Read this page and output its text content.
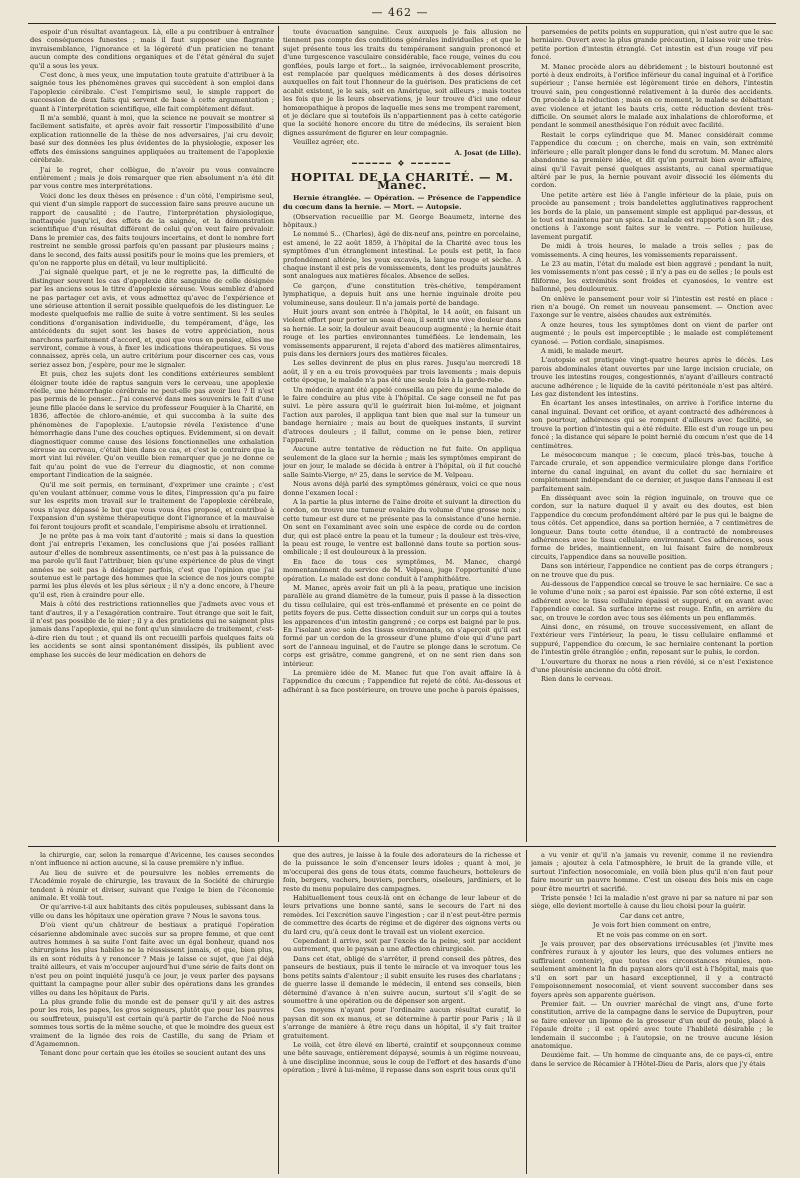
— 462 —

espoir d'un résultat avantageux. Là, elle a pu contribuer à entraîner des conséquences funestes ; mais il faut supposer une flagrante invraisemblance, l'ignorance et la légèreté d'un praticien ne tenant aucun compte des conditions organiques et de l'état général du sujet qu'il a sous les yeux.

C'est donc, à mes yeux, une imputation toute gratuite d'attribuer à la saignée tous les phénomènes graves qui succèdent à son emploi dans l'apoplexie cérébrale. C'est l'empirisme seul, le simple rapport de succession de deux faits qui servent de base à cette argumentation ; quant à l'interprétation scientifique, elle fait complétement défaut.

Il m'a semblé, quant à moi, que la science ne pouvait se montrer si facilement satisfaite, et après avoir fait ressortir l'impossibilité d'une explication rationnelle de la thèse de nos adversaires, j'ai cru devoir, basé sur des données les plus évidentes de la physiologie, exposer les effets des émissions sanguines appliquées au traitement de l'apoplexie cérébrale.

J'ai le regret, cher collègue, de n'avoir pu vous convaincre entièrement ; mais je dois remarquer que rien absolument n'a été dit par vous contre mes interprétations.

Voici donc les deux thèses en présence : d'un côté, l'empirisme seul, qui vient d'un simple rapport de succession faire sans preuve aucune un rapport de causalité ; de l'autre, l'interprétation physiologique, inattaquée jusqu'ici, des effets de la saignée, et la démonstration scientifique d'un résultat différent de celui qu'on veut faire prévaloir. Dans le premier cas, des faits toujours incertains, et dont le nombre fort restreint ne semble grossi parfois qu'en passant par plusieurs mains ; dans le second, des faits aussi positifs pour le moins que les premiers, et qu'on ne rapporte plus en détail, vu leur multiplicité.

J'ai signalé quelque part, et je ne le regrette pas, la difficulté de distinguer souvent les cas d'apoplexie dite sanguine de celle désignée par les anciens sous le titre d'apoplexie séreuse. Vous semblez d'abord ne pas partager cet avis, et vous admettez qu'avec de l'expérience et une sérieuse attention il serait possible quelquefois de les distinguer. Le modeste quelquefois me rallie de suite à votre sentiment. Si les seules conditions d'organisation individuelle, du tempérament, d'âge, les antécédents du sujet sont les bases de votre appréciation, nous marchons parfaitement d'accord, et, quoi que vous en pensiez, elles me serviront, comme à vous, à fixer les indications thérapeutiques. Si vous connaissez, après cela, un autre critérium pour discerner ces cas, vous seriez assez bon, j'espère, pour me le signaler.

Et puis, chez les sujets dont les conditions extérieures semblent éloigner toute idée de raptus sanguin vers le cerveau, une apoplexie réelle, une hémorrhagie cérébrale ne peut-elle pas avoir lieu ? Il n'est pas permis de le penser... J'ai conservé dans mes souvenirs le fait d'une jeune fille placée dans le service du professeur Fouquier à la Charité, en 1836, affectée de chloro-anémie, et qui succomba à la suite des phénomènes de l'apoplexie. L'autopsie révéla l'existence d'une hémorrhagie dans l'une des couches optiques. Evidemment, si on devait diagnostiquer comme cause des lésions fonctionnelles une exhalation séreuse au cerveau, c'était bien dans ce cas, et c'est le contraire que la mort vint lui révéler. Qu'on veuille bien remarquer que je ne donne ce fait qu'au point de vue de l'erreur du diagnostic, et non comme emportant l'indication de la saignée.

Qu'il me soit permis, en terminant, d'exprimer une crainte ; c'est qu'en voulant atténuer, comme vous le dites, l'impression qu'a pu faire sur les esprits mon travail sur le traitement de l'apoplexie cérébrale, vous n'ayez dépassé le but que vous vous êtes proposé, et contribué à l'expansion d'un système thérapeutique dont l'ignorance et la mauvaise foi feront toujours profit et scandale, l'empirisme absolu et irrationnel.

Je ne prête pas à ma voix tant d'autorité ; mais si dans la question dont j'ai entrepris l'examen, les conclusions que j'ai posées ralliant autour d'elles de nombreux assentiments, ce n'est pas à la puissance de ma parole qu'il faut l'attribuer, bien qu'une expérience de plus de vingt années ne soit pas à dédaigner parfois, c'est que l'opinion que j'ai soutenue est le partage des hommes que la science de nos jours compte parmi les plus élevés et les plus sérieux ; il n'y a donc encore, à l'heure qu'il est, rien à craindre pour elle.

Mais à côté des restrictions rationnelles que j'admets avec vous et tant d'autres, il y a l'exagération contraire. Tout étrange que soit le fait, il n'est pas possible de le nier ; il y a des praticiens qui ne saignent plus jamais dans l'apoplexie, qui ne font qu'un simulacre de traitement, c'est-à-dire rien du tout ; et quand ils ont recueilli parfois quelques faits où les accidents se sont ainsi spontanément dissipés, ils publient avec emphase les succès de leur médication en dehors de

toute évacuation sanguine. Ceux auxquels je fais allusion ne tiennent pas compte des conditions générales individuelles ; et que le sujet présente tous les traits du tempérament sanguin prononcé et d'une turgescence vasculaire considérable, face rouge, veines du cou gonflées, pouls large et fort... la saignée, irrévocablement proscrite, est remplacée par quelques médicaments à des doses dérisoires auxquelles on fait tout l'honneur de la guérison. Des praticiens de cet acabit existent, je le sais, soit en Amérique, soit ailleurs ; mais toutes les fois que je lis leurs observations, je leur trouve d'ici une odeur homœopathique à propos de laquelle mes sens me trompent rarement, et je déclare que si toutefois ils n'appartiennent pas à cette catégorie que la société honore encore du titre de médecins, ils seraient bien dignes assurément de figurer en leur compagnie.

Veuillez agréer, etc.

A. Josat (de Lille).
━━━━━━ ❖ ━━━━━━
HOPITAL DE LA CHARITÉ. — M. Manec.

Hernie étranglée. — Opération. — Présence de l'appendice du cœcum dans la hernie. — Mort. — Autopsie.

(Observation recueillie par M. George Beaumetz, interne des hôpitaux.)

Le nommé S... (Charles), âgé de dix-neuf ans, peintre en porcelaine, est amené, le 22 août 1859, à l'hôpital de la Charité avec tous les symptômes d'un étranglement intestinal. Le pouls est petit, la face profondément altérée, les yeux excavés, la langue rouge et sèche. A chaque instant il est pris de vomissements, dont les produits jaunâtres sont analogues aux matières fécales. Absence de selles.

Ce garçon, d'une constitution très-chétive, tempérament lymphatique, a depuis huit ans une hernie inguinale droite peu volumineuse, sans douleur. Il n'a jamais porté de bandage.

Huit jours avant son entrée à l'hôpital, le 14 août, en faisant un violent effort pour porter un seau d'eau, il sentit une vive douleur dans sa hernie. Le soir, la douleur avait beaucoup augmenté ; la hernie était rouge et les parties environnantes tuméfiées. Le lendemain, les vomissements apparurent, il rejeta d'abord des matières alimentaires, puis dans les derniers jours des matières fécales.

Les selles devinrent de plus en plus rares. Jusqu'au mercredi 18 août, il y en a eu trois provoquées par trois lavements ; mais depuis cette époque, le malade n'a pas été une seule fois à la garde-robe.

Un médecin ayant été appelé conseilla au père du jeune malade de le faire conduire au plus vite à l'hôpital. Ce sage conseil ne fut pas suivi. Le père assura qu'il le guérirait bien lui-même, et joignant l'action aux paroles, il appliqua tant bien que mal sur la tumeur un bandage herniaire ; mais au bout de quelques instants, il survint d'atroces douleurs ; il fallut, comme on le pense bien, retirer l'appareil.

Aucune autre tentative de réduction ne fut faite. On appliqua seulement de la glace sur la hernie ; mais les symptômes empirant de jour en jour, le malade se décida à entrer à l'hôpital, où il fut couché salle Sainte-Vierge, nº 25, dans le service de M. Velpeau.

Nous avons déjà parlé des symptômes généraux, voici ce que nous donne l'examen local :

A la partie la plus interne de l'aine droite et suivant la direction du cordon, on trouve une tumeur ovalaire du volume d'une grosse noix ; cette tumeur est dure et ne présente pas la consistance d'une hernie. On sent en l'examinant avec soin une espèce de corde ou de cordon dur, qui est placé entre la peau et la tumeur ; la douleur est très-vive, la peau est rouge, le ventre est ballonné dans toute sa portion sous-ombilicale ; il est douloureux à la pression.

En face de tous ces symptômes, M. Manec, chargé momentanément du service de M. Velpeau, juge l'opportunité d'une opération. Le malade est donc conduit à l'amphithéâtre.

M. Manec, après avoir fait un pli à la peau, pratique une incision parallèle au grand diamètre de la tumeur, puis il passe à la dissection du tissu cellulaire, qui est très-enflammé et présente en ce point de petits foyers de pus. Cette dissection conduit sur un corps qui a toutes les apparences d'un intestin gangrené ; ce corps est baigné par le pus. En l'isolant avec soin des tissus environnants, on s'aperçoit qu'il est formé par un cordon de la grosseur d'une plume d'oie qui d'une part sort de l'anneau inguinal, et de l'autre se plonge dans le scrotum. Ce corps est grisâtre, comme gangrené, et on ne sent rien dans son intérieur.

La première idée de M. Manec fut que l'on avait affaire là à l'appendice du cœcum ; l'appendice fut rejeté de côté. Au-dessous et adhérant à sa face postérieure, on trouve une poche à parois épaisses,

parsemées de petits points en suppuration, qui n'est autre que le sac herniaire. Ouvert avec la plus grande précaution, il laisse voir une très-petite portion d'intestin étranglé. Cet intestin est d'un rouge vif peu foncé.

M. Manec procède alors au débridement ; le bistouri boutonné est porté à deux endroits, à l'orifice inférieur du canal inguinal et à l'orifice supérieur ; l'anse herniée est légèrement tirée en dehors, l'intestin trouvé sain, peu congestionné relativement à la durée des accidents. On procède à la réduction ; mais en ce moment, le malade se débattant avec violence et jetant les bauts cris, cette réduction devient très-difficile. On soumet alors le malade aux inhalations de chloroforme, et pendant le sommeil anesthésique l'on réduit avec facilité.

Restait le corps cylindrique que M. Manec considérait comme l'appendice du cœcum ; on cherche, mais en vain, son extrémité inférieure ; elle paraît plonger dans le fond du scrotum. M. Manec alors abandonne sa première idée, et dit qu'on pourrait bien avoir affaire, ainsi qu'il l'avait pensé quelques assistants, au canal spermatique altéré par le pus, la hernie pouvant avoir dissocié les éléments du cordon.

Une petite artère est liée à l'angle inférieur de la plaie, puis on procède au pansement ; trois bandelettes agglutinatives rapprochent les bords de la plaie, un pansement simple est appliqué par-dessus, et le tout est maintenu par un spica. Le malade est rapporté à son lit ; des onctions à l'axonge sont faites sur le ventre. — Potion huileuse, lavement purgatif.

De midi à trois heures, le malade a trois selles ; pas de vomissements. A cinq heures, les vomissements reparaissent.

Le 23 au matin, l'état du malade est bien aggravé ; pendant la nuit, les vomissements n'ont pas cessé ; il n'y a pas eu de selles ; le pouls est filiforme, les extrémités sont froides et cyanosées, le ventre est ballonné, peu douloureux.

On enlève le pansement pour voir si l'intestin est resté en place : rien n'a bougé. On remet un nouveau pansement. — Onction avec l'axonge sur le ventre, aisées chaudes aux extrémités.

A onze heures, tous les symptômes dont on vient de parler ont augmenté ; le pouls est imperceptible ; le malade est complétement cyanosé. — Potion cordiale, sinapismes.

A midi, le malade meurt.

L'autopsie est pratiquée vingt-quatre heures après le décès. Les parois abdominales étant ouvertes par une large incision cruciale, on trouve les intestins rouges, congestionnés, n'ayant d'ailleurs contracté aucune adhérence ; le liquide de la cavité péritonéale n'est pas altéré. Les gaz distendent les intestins.

En écartant les anses intestinales, on arrive à l'orifice interne du canal inguinal. Devant cet orifice, et ayant contracté des adhérences à son pourtour, adhérences qui se rompent d'ailleurs avec facilité, se trouve la portion d'intestin qui a été réduite. Elle est d'un rouge un peu foncé ; la distance qui sépare le point hernié du cœcum n'est que de 14 centimètres.

Le mésocœcum manque ; le cœcum, placé très-bas, touche à l'arcade crurale, et son appendice vermiculaire plonge dans l'orifice interne du canal inguinal, en avant du collet du sac herniaire et complétement indépendant de ce dernier, et jusque dans l'anneau il est parfaitement sain.

En disséquant avec soin la région inguinale, on trouve que ce cordon, sur la nature duquel il y avait eu des doutes, est bien l'appendice du cœcum profondément altéré par le pus qui le baigne de tous côtés. Cet appendice, dans sa portion herniée, a 7 centimètres de longueur. Dans toute cette étendue, il a contracté de nombreuses adhérences avec le tissu cellulaire environnant. Ces adhérences, sous forme de brides, maintiennent, en lui faisant faire de nombreux circuits, l'appendice dans sa nouvelle position.

Dans son intérieur, l'appendice ne contient pas de corps étrangers ; on ne trouve que du pus.

Au-dessous de l'appendice cœcal se trouve le sac herniaire. Ce sac a le volume d'une noix ; sa paroi est épaissie. Par son côté externe, il est adhérent avec le tissu cellulaire épaissi et suppuré, et en avant avec l'appendice cœcal. Sa surface interne est rouge. Enfin, en arrière du sac, on trouve le cordon avec tous ses éléments un peu enflammés.

Ainsi donc, en résumé, on trouve successivement, en allant de l'extérieur vers l'intérieur, la peau, le tissu cellulaire enflammé et suppuré, l'appendice du cœcum, le sac herniaire contenant la portion de l'intestin grêle étranglée ; enfin, reposant sur le pubis, le cordon.

L'ouverture du thorax ne nous a rien révélé, si ce n'est l'existence d'une pleurésie ancienne du côté droit.

Rien dans le cerveau.

la chirurgie, car, selon la remarque d'Avicenne, les causes secondes n'ont influence ni action aucune, si la cause première n'y influe.

Au lieu de suivre et de poursuivre les nobles errements de l'Académie royale de chirurgie, les travaux de la Société de chirurgie tendent à réunir et diviser, suivant que l'exige le bien de l'économie animale. Et voilà tout.

Or qu'arrive-t-il aux habitants des cités populeuses, subissant dans la ville ou dans les hôpitaux une opération grave ? Nous le savons tous.

D'où vient qu'un châtreur de bestiaux a pratiqué l'opération césarienne abdominale avec succès sur sa propre femme, et que cent autres hommes à sa suite l'ont faite avec un égal bonheur, quand nos chirurgiens les plus habiles ne la réussissent jamais, et que, bien plus, ils en sont réduits à y renoncer ? Mais je laisse ce sujet, que j'ai déjà traité ailleurs, et vais m'occuper aujourd'hui d'une série de faits dont on n'est peu on point inquiété jusqu'à ce jour, je veux parler des paysans quittant la campagne pour aller subir des opérations dans les grandes villes ou dans les hôpitaux de Paris.

La plus grande folie du monde est de penser qu'il y ait des astres pour les rois, les papes, les gros seigneurs, plutôt que pour les pauvres ou souffreteux, puisqu'il est certain qu'à partir de l'arche de Noé nous sommes tous sortis de la même souche, et que le moindre des gueux est vraiment de la lignée des rois de Castille, du sang de Priam et d'Agamemnon.

Tenant donc pour certain que les étoiles se soucient autant des uns

que des autres, je laisse à la foule des adorateurs de la richesse et de la puissance le soin d'encenser leurs idoles ; quant à moi, je m'occuperai des gens de tous états, comme faucheurs, botteleurs de foin, bergers, vachers, bouviers, porchers, oiseleurs, jardiniers, et le reste du menu populaire des campagnes.

Habituellement tous ceux-là ont en échange de leur labeur et de leurs privations une bonne santé, sans le secours de l'art ni des remèdes. Ici l'excrétion sauve l'ingestion ; car il n'est peut-être permis de commettre des écarts de régime et de digérer des oignons verts ou du lard cru, qu'à ceux dont le travail est un violent exercice.

Cependant il arrive, soit par l'excès de la peine, soit par accident ou autrement, que le paysan a une affection chirurgicale.

Dans cet état, obligé de s'arrêter, il prend conseil des pâtres, des panseurs de bestiaux, puis il tente le miracle et va invoquer tous les bons petits saints d'alentour ; il subit ensuite les ruses des charlatans ; de guerre lasse il demande le médecin, il entend ses conseils, bien déterminé d'avance à n'en suivre aucun, surtout s'il s'agit de se soumettre à une opération ou de dépenser son argent.

Ces moyens n'ayant pour l'ordinaire aucun résultat curatif, le paysan dit son ex manus, et se détermine à partir pour Paris ; là il s'arrange de manière à être reçu dans un hôpital, il s'y fait traiter gratuitement.

Le voilà, cet être élevé en liberté, craintif et soupçonneux comme une bête sauvage, entièrement dépaysé, soumis à un régime nouveau, à une discipline inconnue, sous le coup de l'effort et des hasards d'une opération ; livré à lui-même, il repasse dans son esprit tous ceux qu'il

a vu venir et qu'il n'a jamais vu revenir, comme il ne reviendra jamais ; ajoutez à cela l'atmosphère, le bruit de la grande ville, et surtout l'infection nosocomiale, en voilà bien plus qu'il n'en faut pour faire mourir un pauvre homme. C'est un oiseau des bois mis en cage pour être meurtri et sacrifié.

Triste pensée ! Ici la maladie n'est grave ni par sa nature ni par son siège, elle devient mortelle à cause du lieu choisi pour la guérir.

Car dans cet antre,

Je vois fort bien comment on entre,

Et ne vois pas comme on en sort.

Je vais prouver, par des observations irrécusables (et j'invite mes confrères ruraux à y ajouter les leurs, que des volumes entiers ne suffiraient contenir), que toutes ces circonstances réunies, non-seulement amènent la fin du paysan alors qu'il est à l'hôpital, mais que s'il en sort par un hasard exceptionnel, il y a contracté l'empoisonnement nosocomial, et vient souvent succomber dans ses foyers après son apparente guérison.

Premier fait. — Un ouvrier maréchal de vingt ans, d'une forte constitution, arrive de la campagne dans le service de Dupuytren, pour se faire enlever un lipome de la grosseur d'un œuf de poule, placé à l'épaule droite ; il est opéré avec toute l'habileté désirable ; le lendemain il succombe ; à l'autopsie, on ne trouve aucune lésion anatomique.

Deuxième fait. — Un homme de cinquante ans, de ce pays-ci, entre dans le service de Récamier à l'Hôtel-Dieu de Paris, alors que j'y étais
